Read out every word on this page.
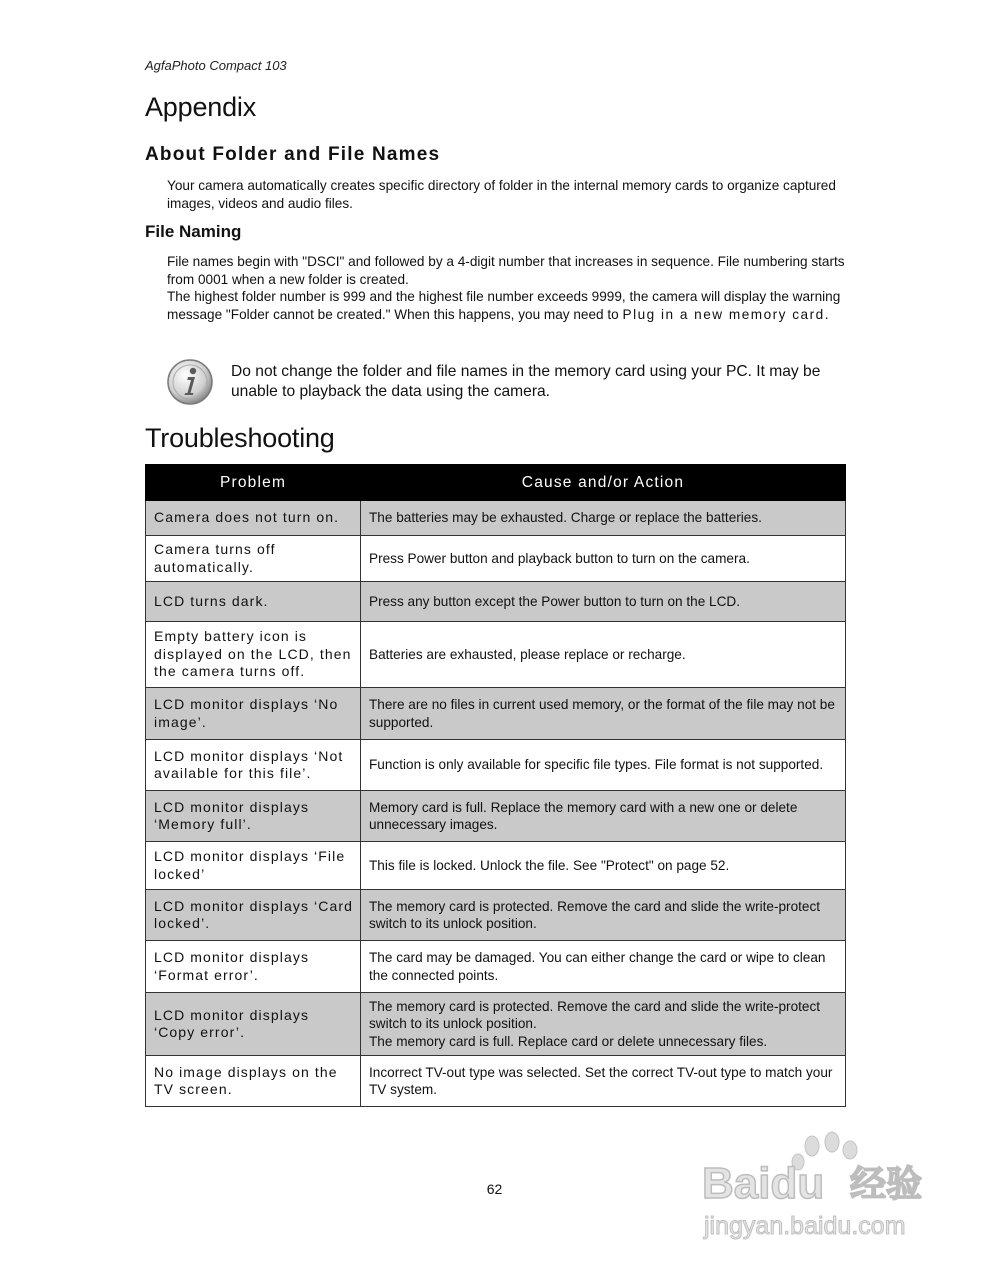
AgfaPhoto Compact 103
Appendix
About Folder and File Names

Your camera automatically creates specific directory of folder in the internal memory cards to organize captured images, videos and audio files.

File Naming
File names begin with "DSCI" and followed by a 4-digit number that increases in sequence. File numbering starts from 0001 when a new folder is created.
The highest folder number is 999 and the highest file number exceeds 9999, the camera will display the warning message "Folder cannot be created." When this happens, you may need to Plug in a new memory card.
Do not change the folder and file names in the memory card using your PC. It may be unable to playback the data using the camera.
Troubleshooting
Problem	Cause and/or Action
Camera does not turn on.	The batteries may be exhausted. Charge or replace the batteries.
Camera turns off automatically.	Press Power button and playback button to turn on the camera.
LCD turns dark.	Press any button except the Power button to turn on the LCD.
Empty battery icon is displayed on the LCD, then the camera turns off.	Batteries are exhausted, please replace or recharge.
LCD monitor displays ‘No image’.	There are no files in current used memory, or the format of the file may not be supported.
LCD monitor displays ‘Not available for this file’.	Function is only available for specific file types. File format is not supported.
LCD monitor displays ‘Memory full’.	Memory card is full. Replace the memory card with a new one or delete unnecessary images.
LCD monitor displays ‘File locked’	This file is locked. Unlock the file. See "Protect" on page 52.
LCD monitor displays ‘Card locked’.	The memory card is protected. Remove the card and slide the write-protect switch to its unlock position.
LCD monitor displays ‘Format error’.	The card may be damaged. You can either change the card or wipe to clean the connected points.
LCD monitor displays ‘Copy error’.	The memory card is protected. Remove the card and slide the write-protect switch to its unlock position.
The memory card is full. Replace card or delete unnecessary files.

No image displays on the TV screen.	Incorrect TV-out type was selected. Set the correct TV-out type to match your TV system.
62	Baidu 经验
jingyan.baidu.com
